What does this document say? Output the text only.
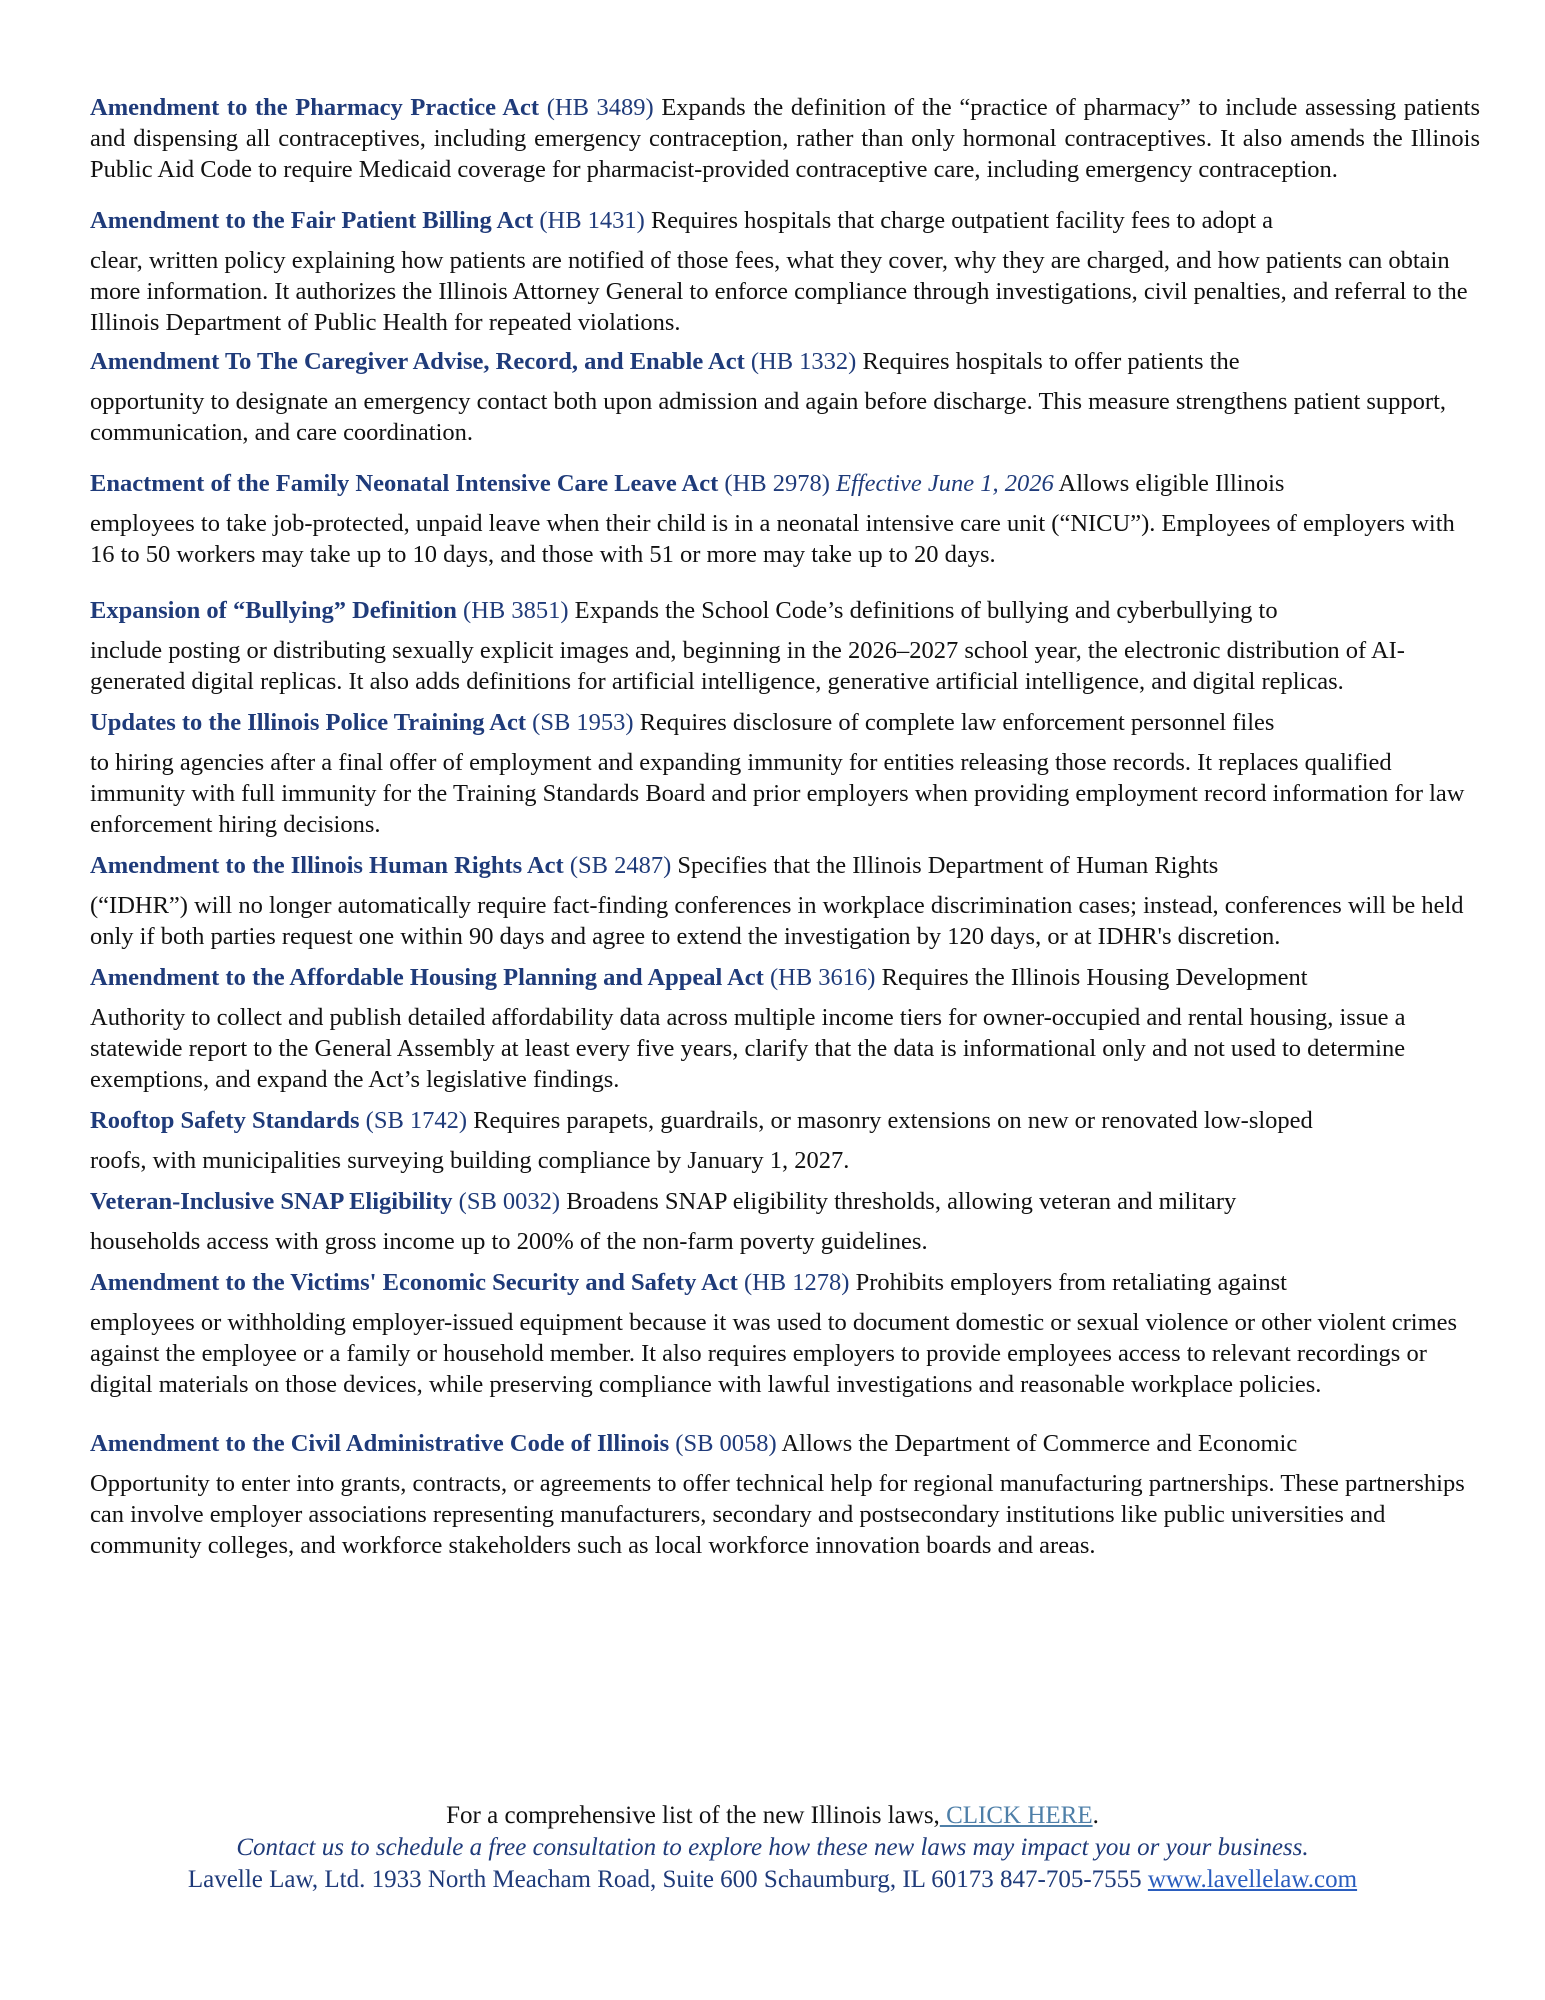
Amendment to the Pharmacy Practice Act (HB 3489) Expands the definition of the “practice of pharmacy” to include assessing patients and dispensing all contraceptives, including emergency contraception, rather than only hormonal contraceptives. It also amends the Illinois Public Aid Code to require Medicaid coverage for pharmacist-provided contraceptive care, including emergency contraception.

Amendment to the Fair Patient Billing Act (HB 1431) Requires hospitals that charge outpatient facility fees to adopt a
clear, written policy explaining how patients are notified of those fees, what they cover, why they are charged, and how patients can obtain more information. It authorizes the Illinois Attorney General to enforce compliance through investigations, civil penalties, and referral to the Illinois Department of Public Health for repeated violations.

Amendment To The Caregiver Advise, Record, and Enable Act (HB 1332) Requires hospitals to offer patients the
opportunity to designate an emergency contact both upon admission and again before discharge. This measure strengthens patient support, communication, and care coordination.

Enactment of the Family Neonatal Intensive Care Leave Act (HB 2978) Effective June 1, 2026 Allows eligible Illinois
employees to take job-protected, unpaid leave when their child is in a neonatal intensive care unit (“NICU”). Employees of employers with 16 to 50 workers may take up to 10 days, and those with 51 or more may take up to 20 days.

Expansion of “Bullying” Definition (HB 3851) Expands the School Code’s definitions of bullying and cyberbullying to
include posting or distributing sexually explicit images and, beginning in the 2026–2027 school year, the electronic distribution of AI-generated digital replicas. It also adds definitions for artificial intelligence, generative artificial intelligence, and digital replicas.

Updates to the Illinois Police Training Act (SB 1953) Requires disclosure of complete law enforcement personnel files
to hiring agencies after a final offer of employment and expanding immunity for entities releasing those records. It replaces qualified immunity with full immunity for the Training Standards Board and prior employers when providing employment record information for law enforcement hiring decisions.

Amendment to the Illinois Human Rights Act (SB 2487) Specifies that the Illinois Department of Human Rights
(“IDHR”) will no longer automatically require fact-finding conferences in workplace discrimination cases; instead, conferences will be held only if both parties request one within 90 days and agree to extend the investigation by 120 days, or at IDHR's discretion.

Amendment to the Affordable Housing Planning and Appeal Act (HB 3616) Requires the Illinois Housing Development
Authority to collect and publish detailed affordability data across multiple income tiers for owner-occupied and rental housing, issue a statewide report to the General Assembly at least every five years, clarify that the data is informational only and not used to determine exemptions, and expand the Act’s legislative findings.

Rooftop Safety Standards (SB 1742) Requires parapets, guardrails, or masonry extensions on new or renovated low-sloped
roofs, with municipalities surveying building compliance by January 1, 2027.

Veteran-Inclusive SNAP Eligibility (SB 0032) Broadens SNAP eligibility thresholds, allowing veteran and military
households access with gross income up to 200% of the non-farm poverty guidelines.

Amendment to the Victims' Economic Security and Safety Act (HB 1278) Prohibits employers from retaliating against
employees or withholding employer-issued equipment because it was used to document domestic or sexual violence or other violent crimes against the employee or a family or household member. It also requires employers to provide employees access to relevant recordings or digital materials on those devices, while preserving compliance with lawful investigations and reasonable workplace policies.

Amendment to the Civil Administrative Code of Illinois (SB 0058) Allows the Department of Commerce and Economic
Opportunity to enter into grants, contracts, or agreements to offer technical help for regional manufacturing partnerships. These partnerships can involve employer associations representing manufacturers, secondary and postsecondary institutions like public universities and community colleges, and workforce stakeholders such as local workforce innovation boards and areas.

For a comprehensive list of the new Illinois laws, CLICK HERE.
Contact us to schedule a free consultation to explore how these new laws may impact you or your business.
Lavelle Law, Ltd. 1933 North Meacham Road, Suite 600 Schaumburg, IL 60173 847-705-7555 www.lavellelaw.com
